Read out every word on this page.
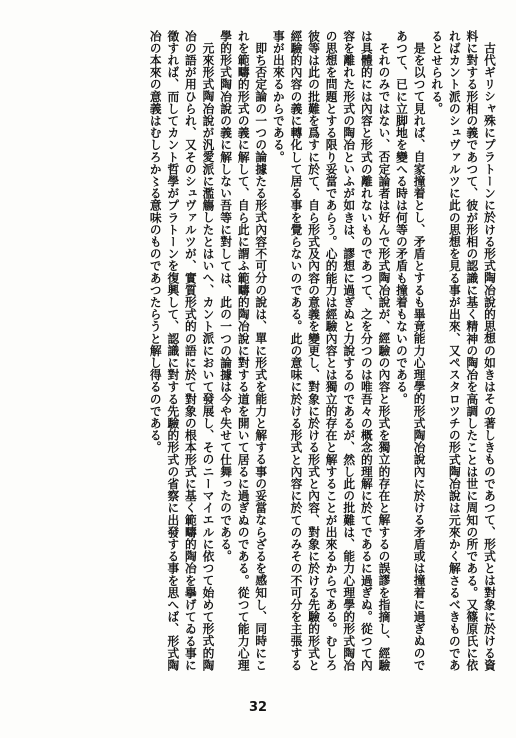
古代ギリシャ殊にプラトーンに於ける形式陶冶說的思想の如きはその著しきものであつて、形式とは對象に於ける資料に對する形相の義であつて、彼が形相の認識に基く精神の陶冶を高調したことは世に周知の所である。又篠原氏に依ればカント派のシュヴァルツに此の思想を見る事が出來、又ペスタロツチの形式陶冶說は元來かく解さるべきものであるとせられる。

是を以つて見れば、自家撞着とし、矛盾とするも畢竟能力心理學的形式陶冶說內に於ける矛盾或は撞着に過ぎぬのであつて、已に立脚地を變へる時は何等の矛盾も撞着もないのである。

それのみではない、否定論者は好んで形式陶冶說が、經驗の內容と形式を獨立的存在と解するの誤謬を指摘し、經驗は具體的には內容と形式の離れないものであつて、之を分つのは唯吾々の概念的理解に於てであるに過ぎぬ。從つて內容を離れた形式の陶冶といふが如きは、謬想に過ぎぬと力說するのであるが、然し此の批難は、能力心理學的形式陶冶の思想を問題とする限り妥當であらう。心的能力は經驗內容とは獨立的存在と解することが出來るからである。むしろ彼等は此の批難を爲すに於て、自ら形式及內容の意義を變更し、對象に於ける形式と內容、對象に於ける先驗的形式と經驗的內容の義に轉化して居る事を覺らないのである。此の意味に於ける形式と內容に於てのみその不可分を主張する事が出來るからである。

即ち否定論の一つの論據たる形式內容不可分の說は、單に形式を能力と解する事の妥當ならざるを感知し、同時にこれを範疇的形式の義に解して、自ら此に謂ふ範疇的陶冶說に對する道を開いて居るに過ぎぬのである。從つて能力心理學的形式陶冶說の義に解しない吾等に對しては、此の一つの論據は今や失せて仕舞ったのである。

元來形式陶冶說が汎愛派に濫觴したとはいへ、カント派において發展し、そのニーマイエルに依つて始めて形式的陶冶の語が用ひられ、又そのシュヴァルツが、實質形式的の語に於て對象の根本形式に基く範疇的陶冶を擧げてゐる事に徵すれば、而してカント哲學がプラトーンを復興して、認識に對する先驗的形式の省察に出發する事を思へば、形式陶冶の本來の意義はむしろか〻る意味のものであつたらうと解し得るのである。

32
